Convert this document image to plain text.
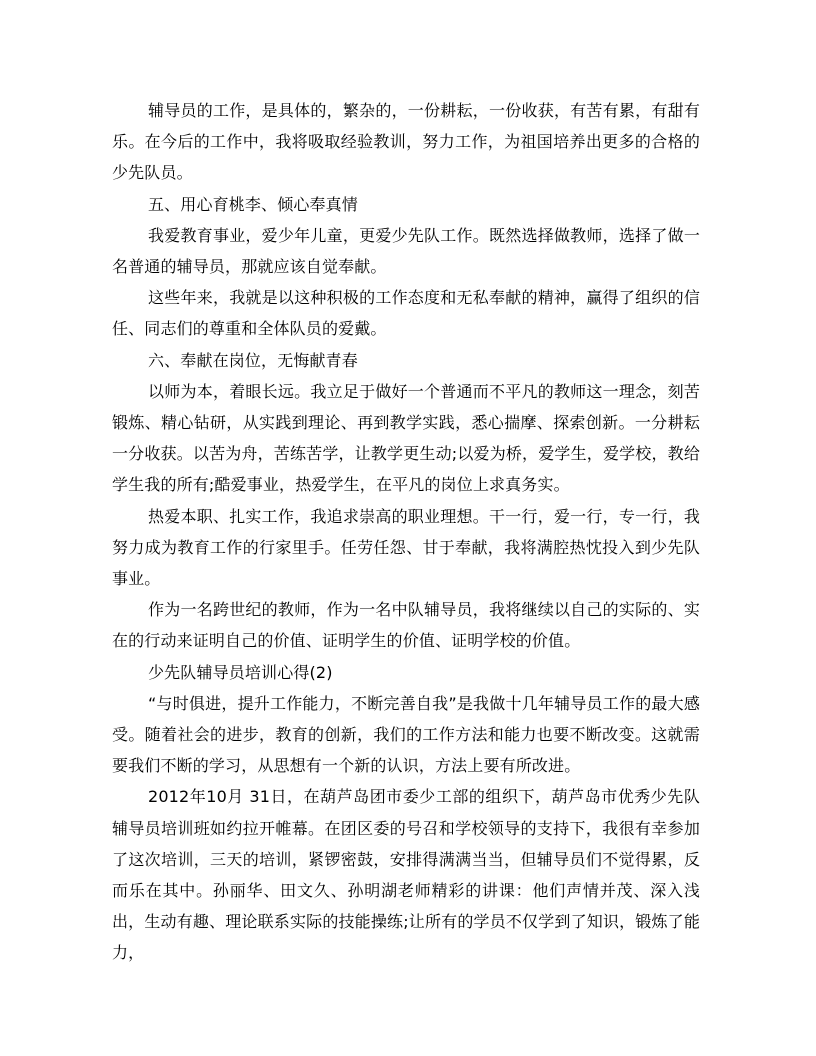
辅导员的工作，是具体的，繁杂的，一份耕耘，一份收获，有苦有累，有甜有乐。在今后的工作中，我将吸取经验教训，努力工作，为祖国培养出更多的合格的少先队员。

五、用心育桃李、倾心奉真情

我爱教育事业，爱少年儿童，更爱少先队工作。既然选择做教师，选择了做一名普通的辅导员，那就应该自觉奉献。

这些年来，我就是以这种积极的工作态度和无私奉献的精神，赢得了组织的信任、同志们的尊重和全体队员的爱戴。

六、奉献在岗位，无悔献青春

以师为本，着眼长远。我立足于做好一个普通而不平凡的教师这一理念，刻苦锻炼、精心钻研，从实践到理论、再到教学实践，悉心揣摩、探索创新。一分耕耘一分收获。以苦为舟，苦练苦学，让教学更生动;以爱为桥，爱学生，爱学校，教给学生我的所有;酷爱事业，热爱学生，在平凡的岗位上求真务实。

热爱本职、扎实工作，我追求崇高的职业理想。干一行，爱一行，专一行，我努力成为教育工作的行家里手。任劳任怨、甘于奉献，我将满腔热忱投入到少先队事业。

作为一名跨世纪的教师，作为一名中队辅导员，我将继续以自己的实际的、实在的行动来证明自己的价值、证明学生的价值、证明学校的价值。

少先队辅导员培训心得(2)

“与时俱进，提升工作能力，不断完善自我”是我做十几年辅导员工作的最大感受。随着社会的进步，教育的创新，我们的工作方法和能力也要不断改变。这就需要我们不断的学习，从思想有一个新的认识，方法上要有所改进。

2012年10月 31日，在葫芦岛团市委少工部的组织下，葫芦岛市优秀少先队辅导员培训班如约拉开帷幕。在团区委的号召和学校领导的支持下，我很有幸参加了这次培训，三天的培训，紧锣密鼓，安排得满满当当，但辅导员们不觉得累，反而乐在其中。孙丽华、田文久、孙明湖老师精彩的讲课：他们声情并茂、深入浅出，生动有趣、理论联系实际的技能操练;让所有的学员不仅学到了知识，锻炼了能力，
